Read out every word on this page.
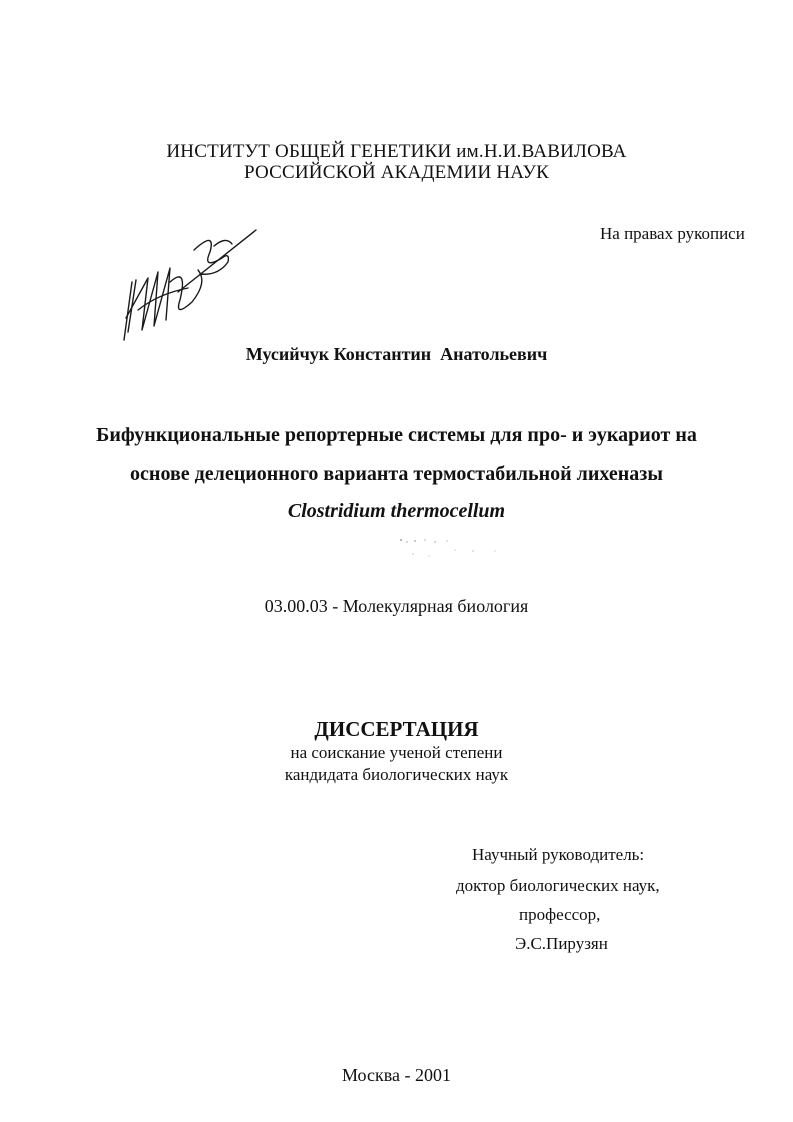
ИНСТИТУТ ОБЩЕЙ ГЕНЕТИКИ им.Н.И.ВАВИЛОВА
РОССИЙСКОЙ АКАДЕМИИ НАУК
На правах рукописи
Мусийчук Константин  Анатольевич
Бифункциональные репортерные системы для про- и эукариот на
основе делеционного варианта термостабильной лихеназы
Clostridium thermocellum
03.00.03 - Молекулярная биология
ДИССЕРТАЦИЯ
на соискание ученой степени
кандидата биологических наук
Научный руководитель:
доктор биологических наук,
профессор,
Э.С.Пирузян
Москва - 2001
